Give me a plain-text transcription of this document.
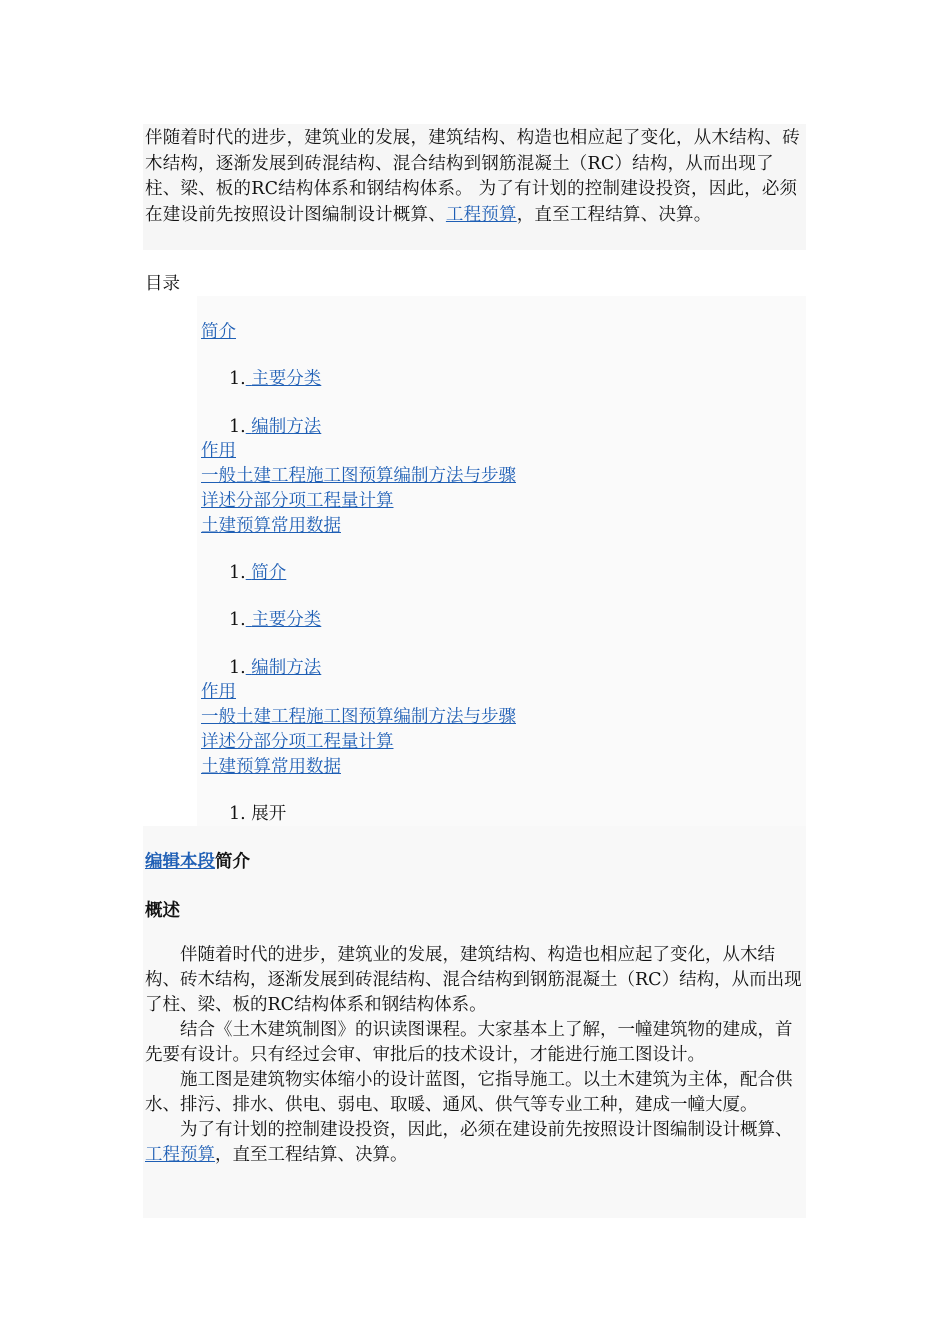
伴随着时代的进步，建筑业的发展，建筑结构、构造也相应起了变化，从木结构、砖木结构，逐渐发展到砖混结构、混合结构到钢筋混凝土（RC）结构，从而出现了柱、梁、板的RC结构体系和钢结构体系。 为了有计划的控制建设投资，因此，必须在建设前先按照设计图编制设计概算、工程预算，直至工程结算、决算。

目录

简介
1. 主要分类
1. 编制方法
作用
一般土建工程施工图预算编制方法与步骤
详述分部分项工程量计算
土建预算常用数据
1. 简介
1. 主要分类
1. 编制方法
作用
一般土建工程施工图预算编制方法与步骤
详述分部分项工程量计算
土建预算常用数据
1. 展开
编辑本段简介
概述

伴随着时代的进步，建筑业的发展，建筑结构、构造也相应起了变化，从木结构、砖木结构，逐渐发展到砖混结构、混合结构到钢筋混凝土（RC）结构，从而出现了柱、梁、板的RC结构体系和钢结构体系。

结合《土木建筑制图》的识读图课程。大家基本上了解，一幢建筑物的建成，首先要有设计。只有经过会审、审批后的技术设计，才能进行施工图设计。

施工图是建筑物实体缩小的设计蓝图，它指导施工。以土木建筑为主体，配合供水、排污、排水、供电、弱电、取暖、通风、供气等专业工种，建成一幢大厦。

为了有计划的控制建设投资，因此，必须在建设前先按照设计图编制设计概算、工程预算，直至工程结算、决算。
